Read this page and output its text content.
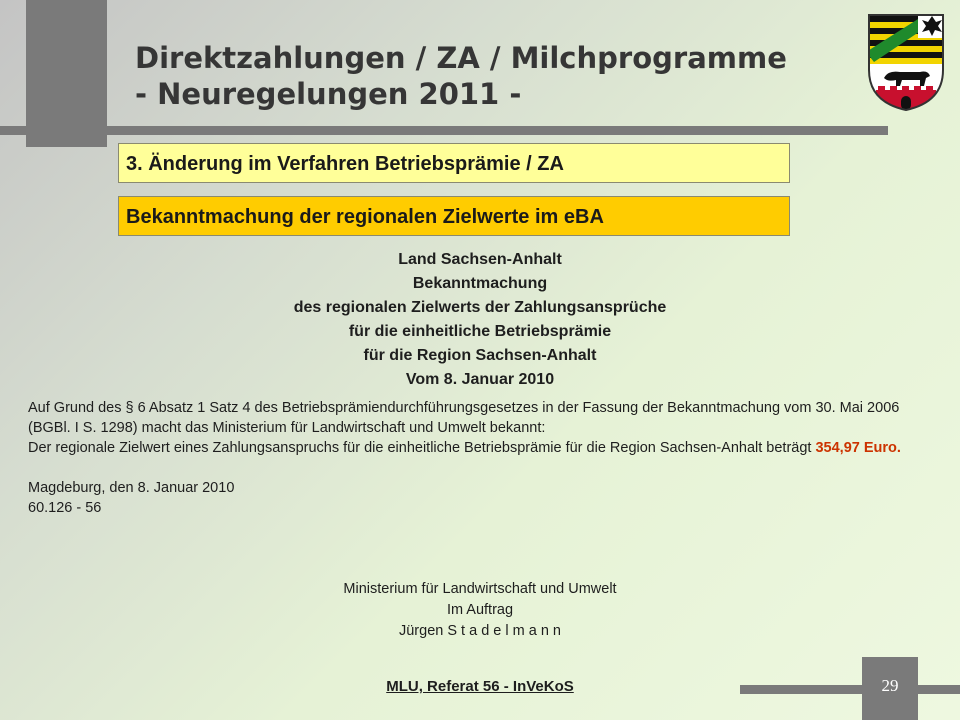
Direktzahlungen / ZA / Milchprogramme
- Neuregelungen 2011 -
3. Änderung im Verfahren Betriebsprämie / ZA
Bekanntmachung der regionalen Zielwerte im eBA
Land Sachsen-Anhalt
Bekanntmachung
des regionalen Zielwerts der Zahlungsansprüche
für die einheitliche Betriebsprämie
für die Region Sachsen-Anhalt
Vom 8. Januar 2010

Auf Grund des § 6 Absatz 1 Satz 4 des Betriebsprämiendurchführungsgesetzes in der Fassung der Bekanntmachung vom 30. Mai 2006 (BGBl. I S. 1298) macht das Ministerium für Landwirtschaft und Umwelt bekannt:

Der regionale Zielwert eines Zahlungsanspruchs für die einheitliche Betriebsprämie für die Region Sachsen-Anhalt beträgt 354,97 Euro.

Magdeburg, den 8. Januar 2010

60.126 - 56

Ministerium für Landwirtschaft und Umwelt
Im Auftrag
Jürgen S t a d e l m a n n
MLU, Referat 56 - InVeKoS	29
